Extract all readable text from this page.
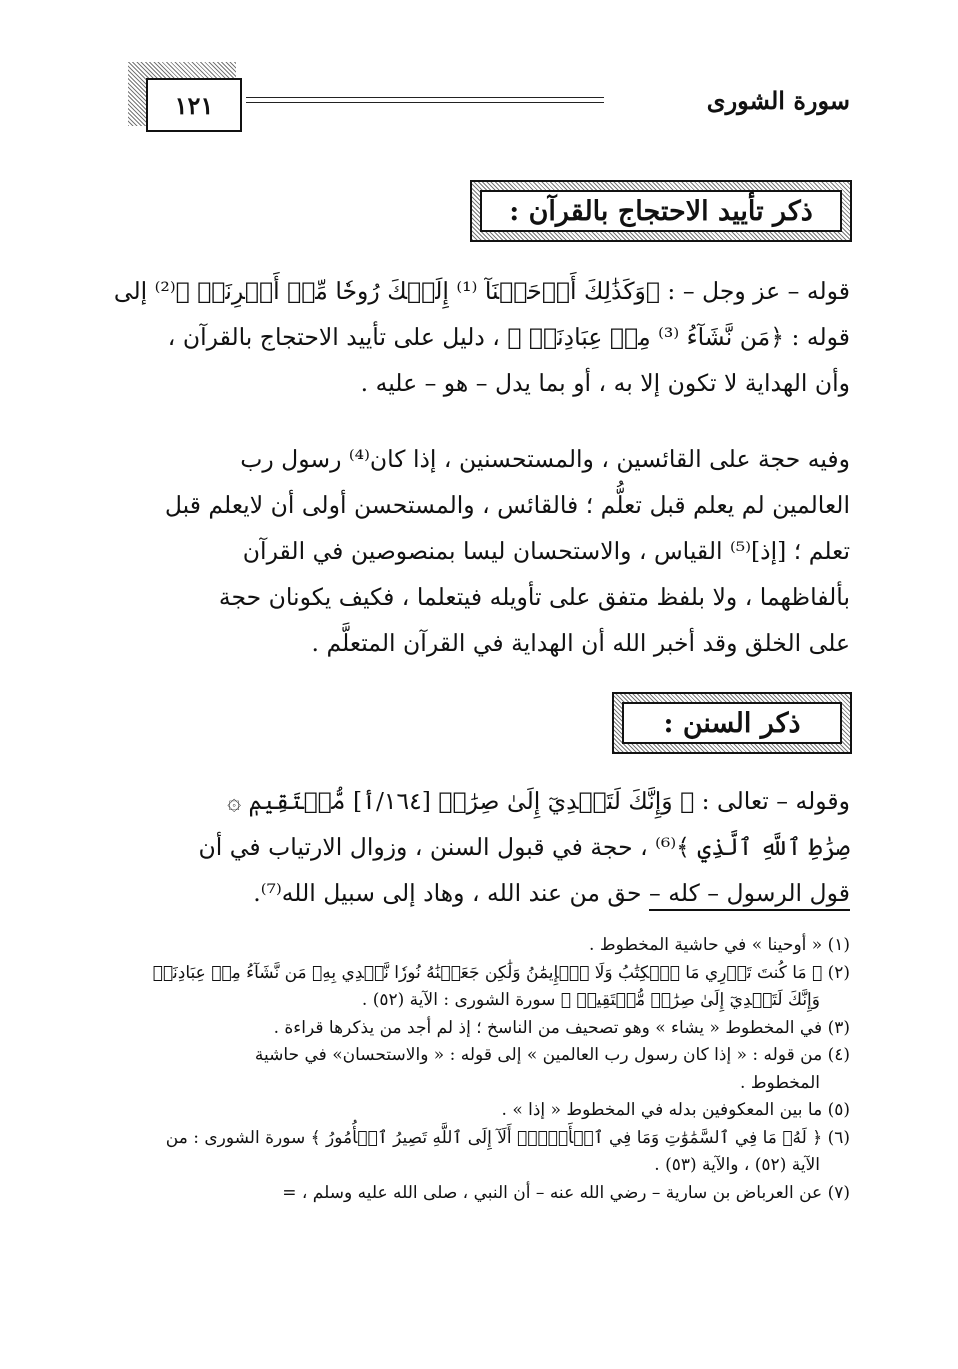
١٢١	سورة الشورى
ذكر تأييد الاحتجاج بالقرآن :
قوله – عز وجل – : ﴿وَكَذَٰلِكَ أَوۡحَيۡنَآ ⁽¹⁾ إِلَيۡكَ رُوحٗا مِّنۡ أَمۡرِنَاۚ ﴾⁽²⁾ إلى
قوله : ﴿مَن نَّشَآءُ ⁽³⁾ مِنۡ عِبَادِنَاۚ ﴾ ، دليل على تأييد الاحتجاج بالقرآن ،
وأن الهداية لا تكون إلا به ، أو بما يدل – هو – عليه .
وفيه حجة على القائسين ، والمستحسنين ، إذا كان⁽⁴⁾ رسول رب
العالمين لم يعلم قبل تعلُّم ؛ فالقائس ، والمستحسن أولى أن لايعلم قبل
تعلم ؛ [إذ]⁽⁵⁾ القياس ، والاستحسان ليسا بمنصوصين في القرآن
بألفاظهما ، ولا بلفظ متفق على تأويله فيتعلما ، فكيف يكونان حجة
على الخلق وقد أخبر الله أن الهداية في القرآن المتعلَّم .
ذكر السنن :
وقوله – تعالى : ﴿ وَإِنَّكَ لَتَهۡدِيٓ إِلَىٰ صِرَٰطٖ [١٦٤/أ] مُّسۡتَقِيمٖ ۞
صِرَٰطِ ٱللَّهِ ٱلَّذِي ﴾⁽⁶⁾ ، حجة في قبول السنن ، وزوال الارتياب في أن
قول الرسول – كله – حق من عند الله ، وهاد إلى سبيل الله⁽⁷⁾.
(١) « أوحينا » في حاشية المخطوط .
(٢) ﴿ مَا كُنتَ تَدۡرِي مَا ٱلۡكِتَٰبُ وَلَا ٱلۡإِيمَٰنُ وَلَٰكِن جَعَلۡنَٰهُ نُورٗا نَّهۡدِي بِهِۦ مَن نَّشَآءُ مِنۡ عِبَادِنَاۚ
وَإِنَّكَ لَتَهۡدِيٓ إِلَىٰ صِرَٰطٖ مُّسۡتَقِيمٖ ﴾ سورة الشورى : الآية (٥٢) .
(٣) في المخطوط « يشاء » وهو تصحيف من الناسخ ؛ إذ لم أجد من يذكرها قراءة .
(٤) من قوله : « إذا كان رسول رب العالمين » إلى قوله : « والاستحسان» في حاشية
المخطوط .
(٥) ما بين المعكوفين بدله في المخطوط « إذا » .
(٦) ﴿ لَهُۥ مَا فِي ٱلسَّمَٰوَٰتِ وَمَا فِي ٱلۡأَرۡضِۗ أَلَآ إِلَى ٱللَّهِ تَصِيرُ ٱلۡأُمُورُ ﴾ سورة الشورى : من
الآية (٥٢) ، والآية (٥٣) .
(٧) عن العرباض بن سارية – رضي الله عنه – أن النبي ، صلى الله عليه وسلم ، =
